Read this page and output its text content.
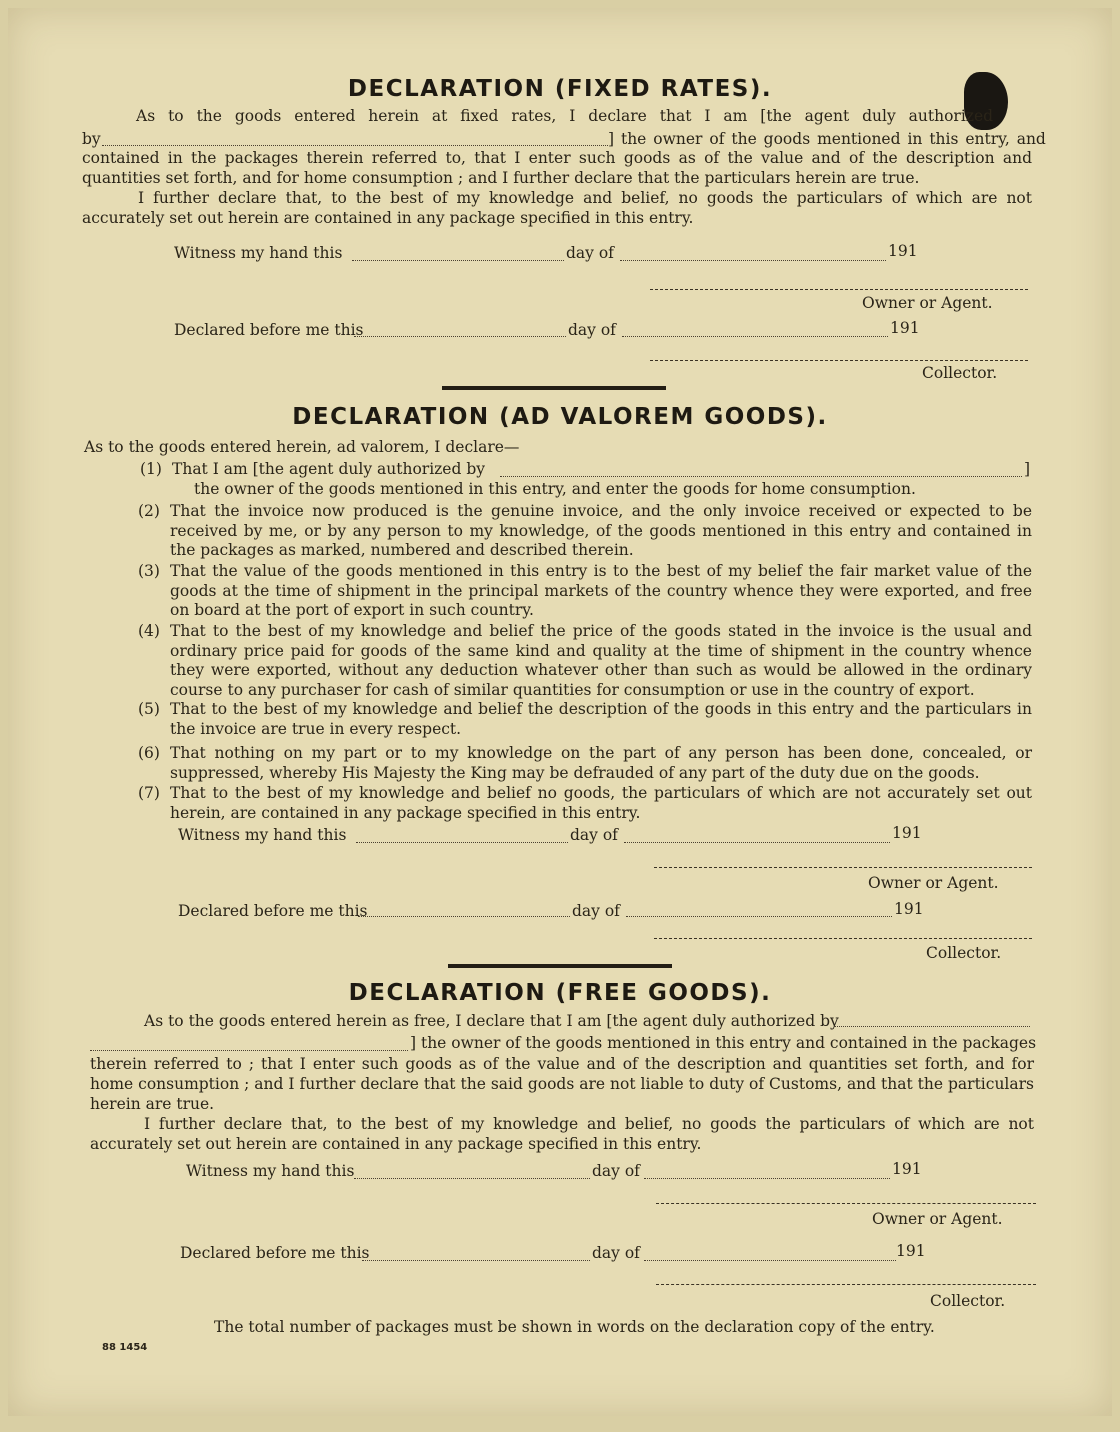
DECLARATION (FIXED RATES).
As to the goods entered herein at fixed rates, I declare that I am [the agent duly authorized
by	] the owner of the goods mentioned in this entry, and
contained in the packages therein referred to, that I enter such goods as of the value and of the description and quantities set forth, and for home consumption ; and I further declare that the particulars herein are true.
I further declare that, to the best of my knowledge and belief, no goods the particulars of which are not accurately set out herein are contained in any package specified in this entry.
Witness my hand this	day of	191
Owner or Agent.
Declared before me this	day of	191
Collector.
DECLARATION (AD VALOREM GOODS).
As to the goods entered herein, ad valorem, I declare—
(1) That I am [the agent duly authorized by	]
the owner of the goods mentioned in this entry, and enter the goods for home consumption.
(2) That the invoice now produced is the genuine invoice, and the only invoice received or expected to be received by me, or by any person to my knowledge, of the goods mentioned in this entry and contained in the packages as marked, numbered and described therein.
(3) That the value of the goods mentioned in this entry is to the best of my belief the fair market value of the goods at the time of shipment in the principal markets of the country whence they were exported, and free on board at the port of export in such country.
(4) That to the best of my knowledge and belief the price of the goods stated in the invoice is the usual and ordinary price paid for goods of the same kind and quality at the time of shipment in the country whence they were exported, without any deduction whatever other than such as would be allowed in the ordinary course to any purchaser for cash of similar quantities for consumption or use in the country of export.
(5) That to the best of my knowledge and belief the description of the goods in this entry and the particulars in the invoice are true in every respect.
(6) That nothing on my part or to my knowledge on the part of any person has been done, concealed, or suppressed, whereby His Majesty the King may be defrauded of any part of the duty due on the goods.
(7) That to the best of my knowledge and belief no goods, the particulars of which are not accurately set out herein, are contained in any package specified in this entry.
Witness my hand this	day of	191
Owner or Agent.
Declared before me this	day of	191
Collector.
DECLARATION (FREE GOODS).
As to the goods entered herein as free, I declare that I am [the agent duly authorized by
] the owner of the goods mentioned in this entry and contained in the packages
therein referred to ; that I enter such goods as of the value and of the description and quantities set forth, and for home consumption ; and I further declare that the said goods are not liable to duty of Customs, and that the particulars herein are true.
I further declare that, to the best of my knowledge and belief, no goods the particulars of which are not accurately set out herein are contained in any package specified in this entry.
Witness my hand this	day of	191
Owner or Agent.
Declared before me this	day of	191
Collector.
The total number of packages must be shown in words on the declaration copy of the entry.
88 1454
